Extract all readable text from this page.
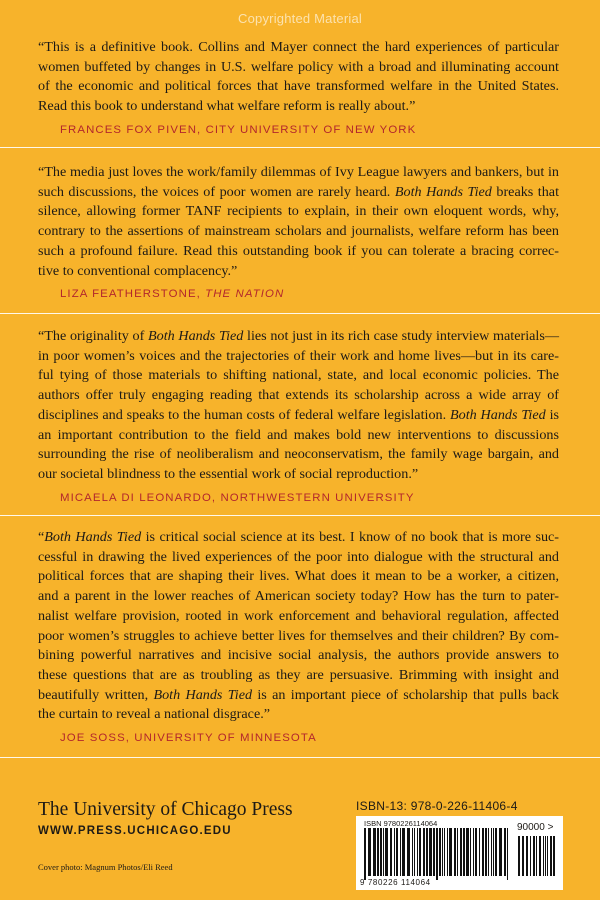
Copyrighted Material

“This is a definitive book. Collins and Mayer connect the hard experiences of particular
women buffeted by changes in U.S. welfare policy with a broad and illuminating account
of the economic and political forces that have transformed welfare in the United States.
Read this book to understand what welfare reform is really about.”

FRANCES FOX PIVEN, CITY UNIVERSITY OF NEW YORK

“The media just loves the work/family dilemmas of Ivy League lawyers and bankers, but in
such discussions, the voices of poor women are rarely heard. Both Hands Tied breaks that
silence, allowing former TANF recipients to explain, in their own eloquent words, why,
contrary to the assertions of mainstream scholars and journalists, welfare reform has been
such a profound failure. Read this outstanding book if you can tolerate a bracing correc-
tive to conventional complacency.”

LIZA FEATHERSTONE, THE NATION

“The originality of Both Hands Tied lies not just in its rich case study interview materials—
in poor women’s voices and the trajectories of their work and home lives—but in its care-
ful tying of those materials to shifting national, state, and local economic policies. The
authors offer truly engaging reading that extends its scholarship across a wide array of
disciplines and speaks to the human costs of federal welfare legislation. Both Hands Tied is
an important contribution to the field and makes bold new interventions to discussions
surrounding the rise of neoliberalism and neoconservatism, the family wage bargain, and
our societal blindness to the essential work of social reproduction.”

MICAELA DI LEONARDO, NORTHWESTERN UNIVERSITY

“Both Hands Tied is critical social science at its best. I know of no book that is more suc-
cessful in drawing the lived experiences of the poor into dialogue with the structural and
political forces that are shaping their lives. What does it mean to be a worker, a citizen,
and a parent in the lower reaches of American society today? How has the turn to pater-
nalist welfare provision, rooted in work enforcement and behavioral regulation, affected
poor women’s struggles to achieve better lives for themselves and their children? By com-
bining powerful narratives and incisive social analysis, the authors provide answers to
these questions that are as troubling as they are persuasive. Brimming with insight and
beautifully written, Both Hands Tied is an important piece of scholarship that pulls back
the curtain to reveal a national disgrace.”

JOE SOSS, UNIVERSITY OF MINNESOTA
The University of Chicago Press
WWW.PRESS.UCHICAGO.EDU
Cover photo: Magnum Photos/Eli Reed
ISBN-13: 978-0-226-11406-4
ISBN 9780226114064	90000 >
9 780226 114064
